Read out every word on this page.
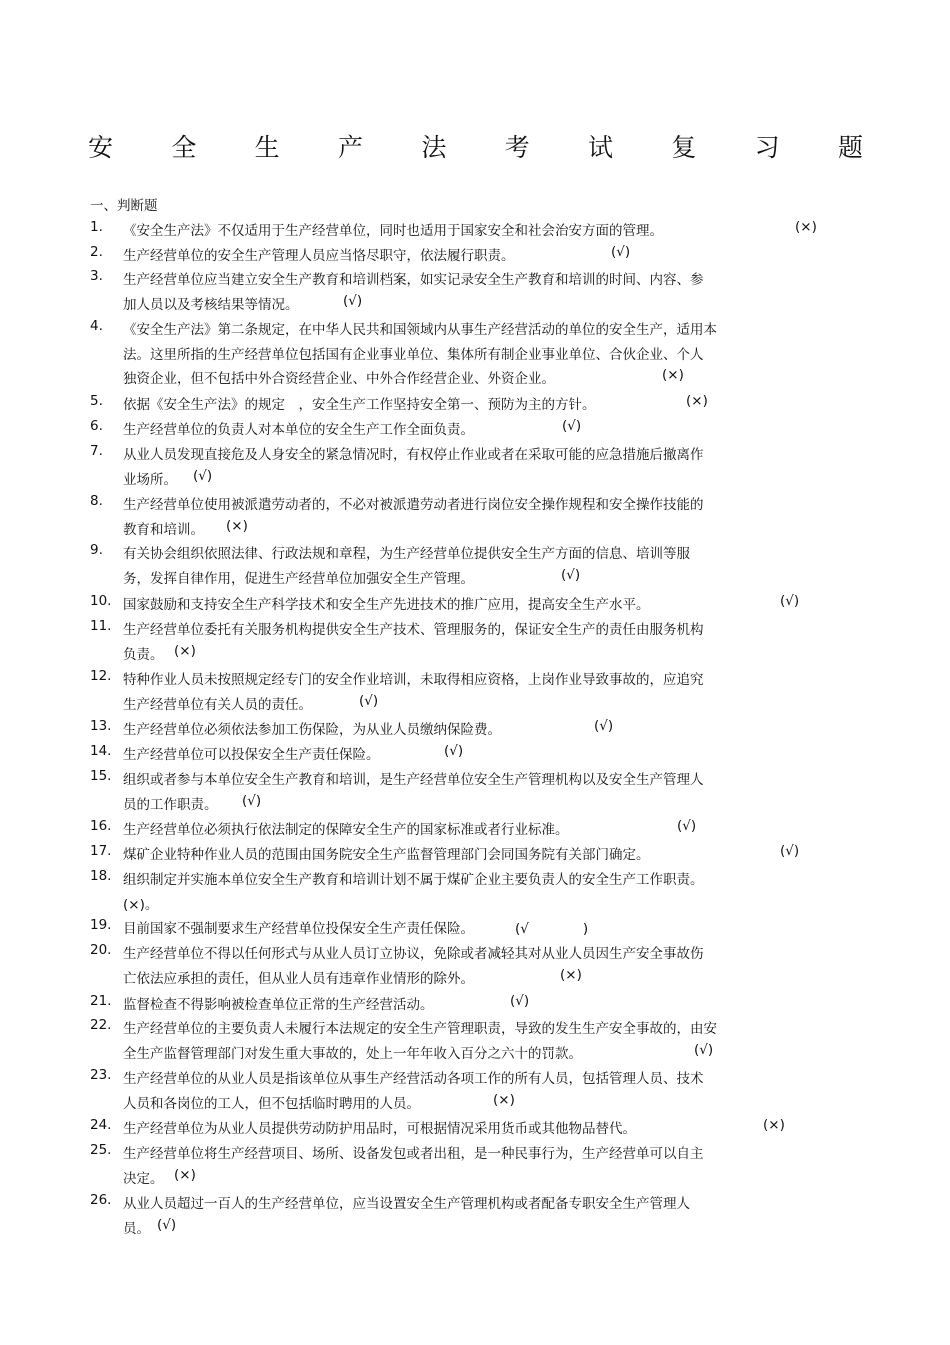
安 全 生 产 法 考 试 复 习 题
一、判断题
1.	《安全生产法》不仅适用于生产经营单位，同时也适用于国家安全和社会治安方面的管理。	(×)
2.	生产经营单位的安全生产管理人员应当恪尽职守，依法履行职责。	(√)
3.	生产经营单位应当建立安全生产教育和培训档案，如实记录安全生产教育和培训的时间、内容、参
加人员以及考核结果等情况。	(√)
4.	《安全生产法》第二条规定，在中华人民共和国领域内从事生产经营活动的单位的安全生产，适用本
法。这里所指的生产经营单位包括国有企业事业单位、集体所有制企业事业单位、合伙企业、个人
独资企业，但不包括中外合资经营企业、中外合作经营企业、外资企业。	(×)
5.	依据《安全生产法》的规定　，安全生产工作坚持安全第一、预防为主的方针。	(×)
6.	生产经营单位的负责人对本单位的安全生产工作全面负责。	(√)
7.	从业人员发现直接危及人身安全的紧急情况时，有权停止作业或者在采取可能的应急措施后撤离作
业场所。 (√)
8.	生产经营单位使用被派遣劳动者的，不必对被派遣劳动者进行岗位安全操作规程和安全操作技能的
教育和培训。 (×)
9.	有关协会组织依照法律、行政法规和章程，为生产经营单位提供安全生产方面的信息、培训等服
务，发挥自律作用，促进生产经营单位加强安全生产管理。	(√)
10. 国家鼓励和支持安全生产科学技术和安全生产先进技术的推广应用，提高安全生产水平。	(√)
11. 生产经营单位委托有关服务机构提供安全生产技术、管理服务的，保证安全生产的责任由服务机构
负责。 (×)
12. 特种作业人员未按照规定经专门的安全作业培训，未取得相应资格，上岗作业导致事故的，应追究
生产经营单位有关人员的责任。	(√)
13. 生产经营单位必须依法参加工伤保险，为从业人员缴纳保险费。	(√)
14. 生产经营单位可以投保安全生产责任保险。	(√)
15. 组织或者参与本单位安全生产教育和培训，是生产经营单位安全生产管理机构以及安全生产管理人
员的工作职责。 (√)
16. 生产经营单位必须执行依法制定的保障安全生产的国家标准或者行业标准。	(√)
17. 煤矿企业特种作业人员的范围由国务院安全生产监督管理部门会同国务院有关部门确定。	(√)
18. 组织制定并实施本单位安全生产教育和培训计划不属于煤矿企业主要负责人的安全生产工作职责。
(×)。
19. 目前国家不强制要求生产经营单位投保安全生产责任保险。	(√　　　　)
20. 生产经营单位不得以任何形式与从业人员订立协议，免除或者减轻其对从业人员因生产安全事故伤
亡依法应承担的责任，但从业人员有违章作业情形的除外。	(×)
21. 监督检查不得影响被检查单位正常的生产经营活动。	(√)
22. 生产经营单位的主要负责人未履行本法规定的安全生产管理职责，导致的发生生产安全事故的，由安
全生产监督管理部门对发生重大事故的，处上一年年收入百分之六十的罚款。	(√)
23. 生产经营单位的从业人员是指该单位从事生产经营活动各项工作的所有人员，包括管理人员、技术
人员和各岗位的工人，但不包括临时聘用的人员。	(×)
24. 生产经营单位为从业人员提供劳动防护用品时，可根据情况采用货币或其他物品替代。	(×)
25. 生产经营单位将生产经营项目、场所、设备发包或者出租，是一种民事行为，生产经营单可以自主
决定。 (×)
26. 从业人员超过一百人的生产经营单位，应当设置安全生产管理机构或者配备专职安全生产管理人
员。 (√)
